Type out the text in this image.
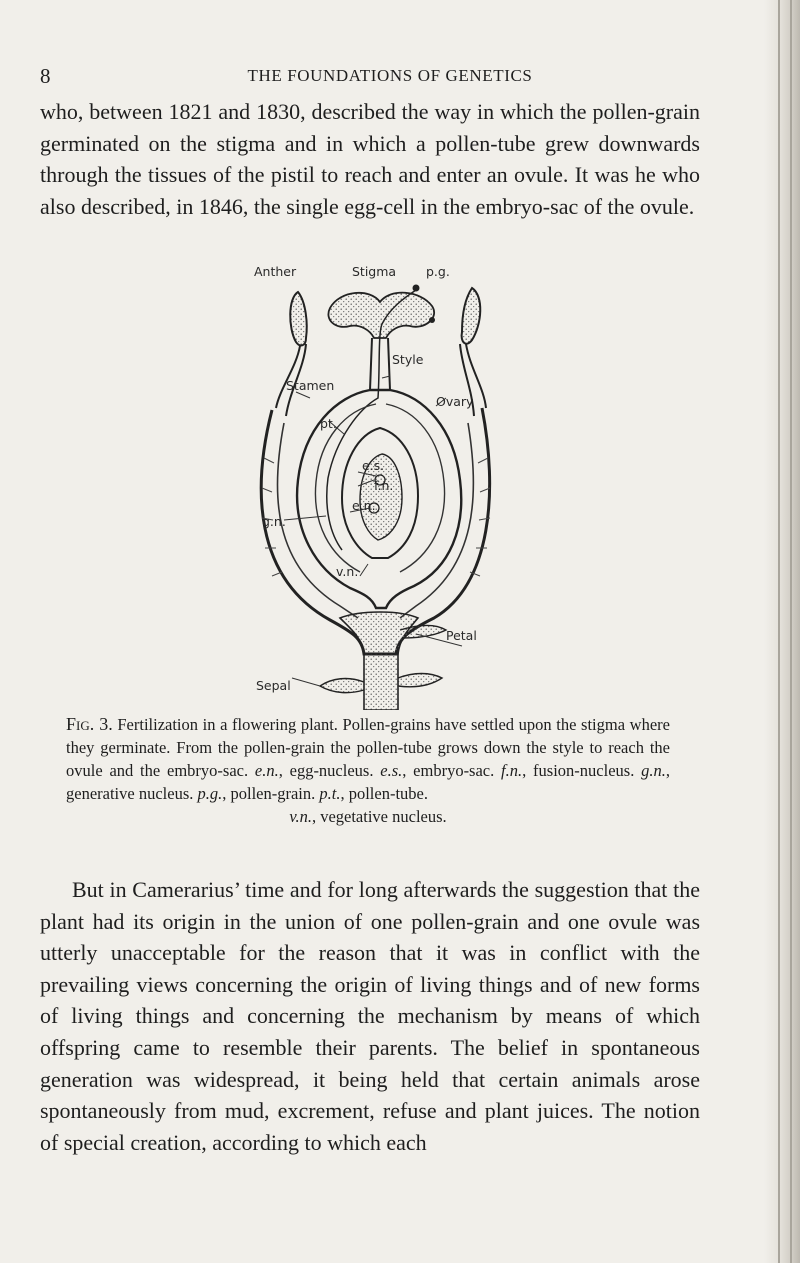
8	THE FOUNDATIONS OF GENETICS

who, between 1821 and 1830, described the way in which the pollen-grain germinated on the stigma and in which a pollen-tube grew downwards through the tissues of the pistil to reach and enter an ovule. It was he who also described, in 1846, the single egg-cell in the embryo-sac of the ovule.

Anther	Stigma p.g.
Style
Stamen
Ovary
pt.
e.s.
f.n.
e.n.
g.n.
v.n.
Petal
Sepal

Fig. 3. Fertilization in a flowering plant. Pollen-grains have settled upon the stigma where they germinate. From the pollen-grain the pollen-tube grows down the style to reach the ovule and the embryo-sac. e.n., egg-nucleus. e.s., embryo-sac. f.n., fusion-nucleus. g.n., generative nucleus. p.g., pollen-grain. p.t., pollen-tube.
v.n., vegetative nucleus.

But in Camerarius’ time and for long afterwards the suggestion that the plant had its origin in the union of one pollen-grain and one ovule was utterly unacceptable for the reason that it was in conflict with the prevailing views concerning the origin of living things and of new forms of living things and concerning the mechanism by means of which offspring came to resemble their parents. The belief in spontaneous generation was widespread, it being held that certain animals arose spontaneously from mud, excrement, refuse and plant juices. The notion of special creation, according to which each
